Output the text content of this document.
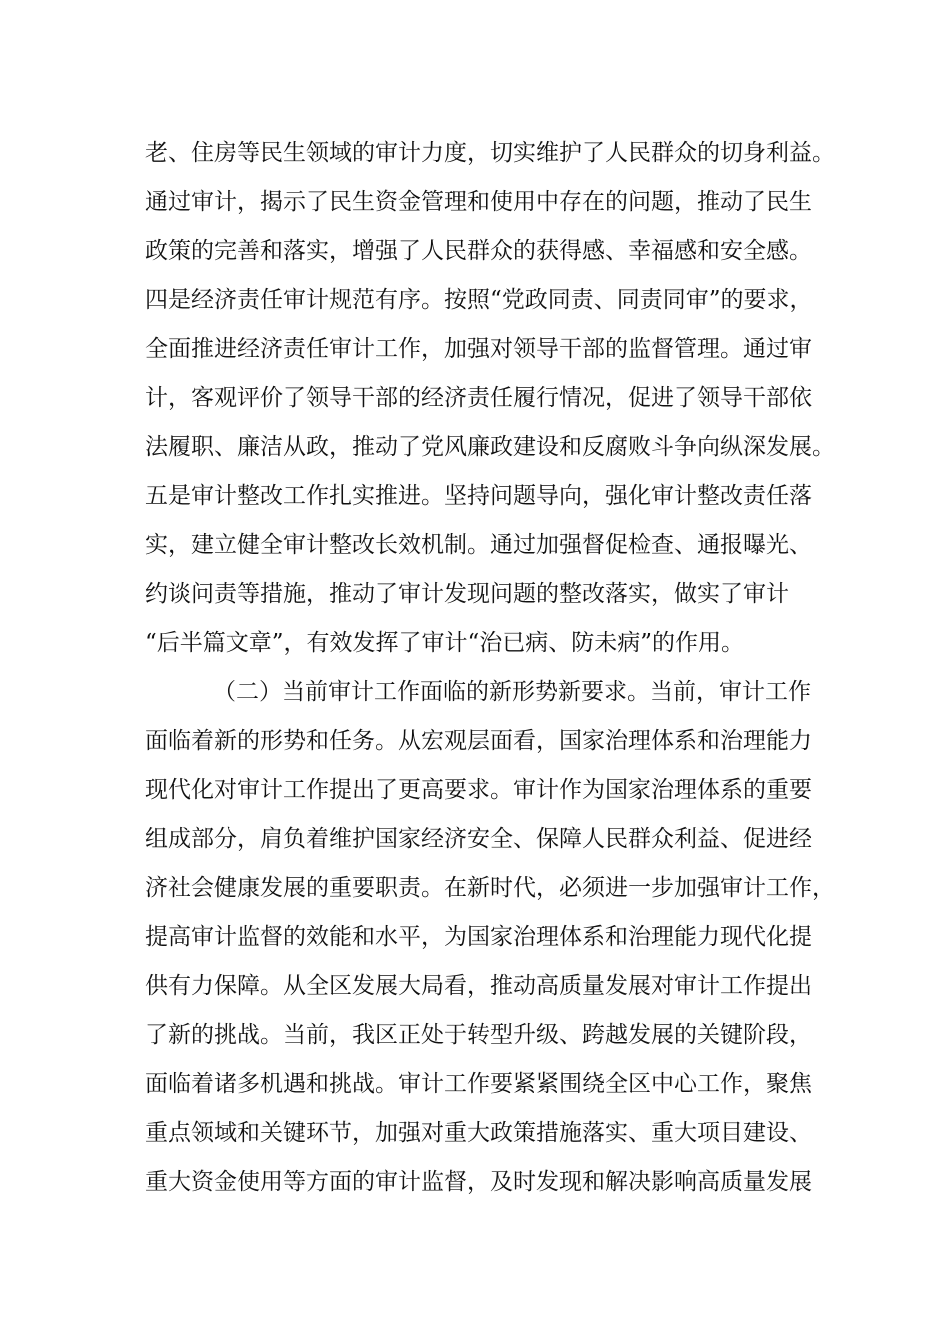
老、住房等民生领域的审计力度，切实维护了人民群众的切身利益。
通过审计，揭示了民生资金管理和使用中存在的问题，推动了民生
政策的完善和落实，增强了人民群众的获得感、幸福感和安全感。
四是经济责任审计规范有序。按照“党政同责、同责同审”的要求，
全面推进经济责任审计工作，加强对领导干部的监督管理。通过审
计，客观评价了领导干部的经济责任履行情况，促进了领导干部依
法履职、廉洁从政，推动了党风廉政建设和反腐败斗争向纵深发展。
五是审计整改工作扎实推进。坚持问题导向，强化审计整改责任落
实，建立健全审计整改长效机制。通过加强督促检查、通报曝光、
约谈问责等措施，推动了审计发现问题的整改落实，做实了审计
“后半篇文章”，有效发挥了审计“治已病、防未病”的作用。
（二）当前审计工作面临的新形势新要求。当前，审计工作
面临着新的形势和任务。从宏观层面看，国家治理体系和治理能力
现代化对审计工作提出了更高要求。审计作为国家治理体系的重要
组成部分，肩负着维护国家经济安全、保障人民群众利益、促进经
济社会健康发展的重要职责。在新时代，必须进一步加强审计工作，
提高审计监督的效能和水平，为国家治理体系和治理能力现代化提
供有力保障。从全区发展大局看，推动高质量发展对审计工作提出
了新的挑战。当前，我区正处于转型升级、跨越发展的关键阶段，
面临着诸多机遇和挑战。审计工作要紧紧围绕全区中心工作，聚焦
重点领域和关键环节，加强对重大政策措施落实、重大项目建设、
重大资金使用等方面的审计监督，及时发现和解决影响高质量发展
